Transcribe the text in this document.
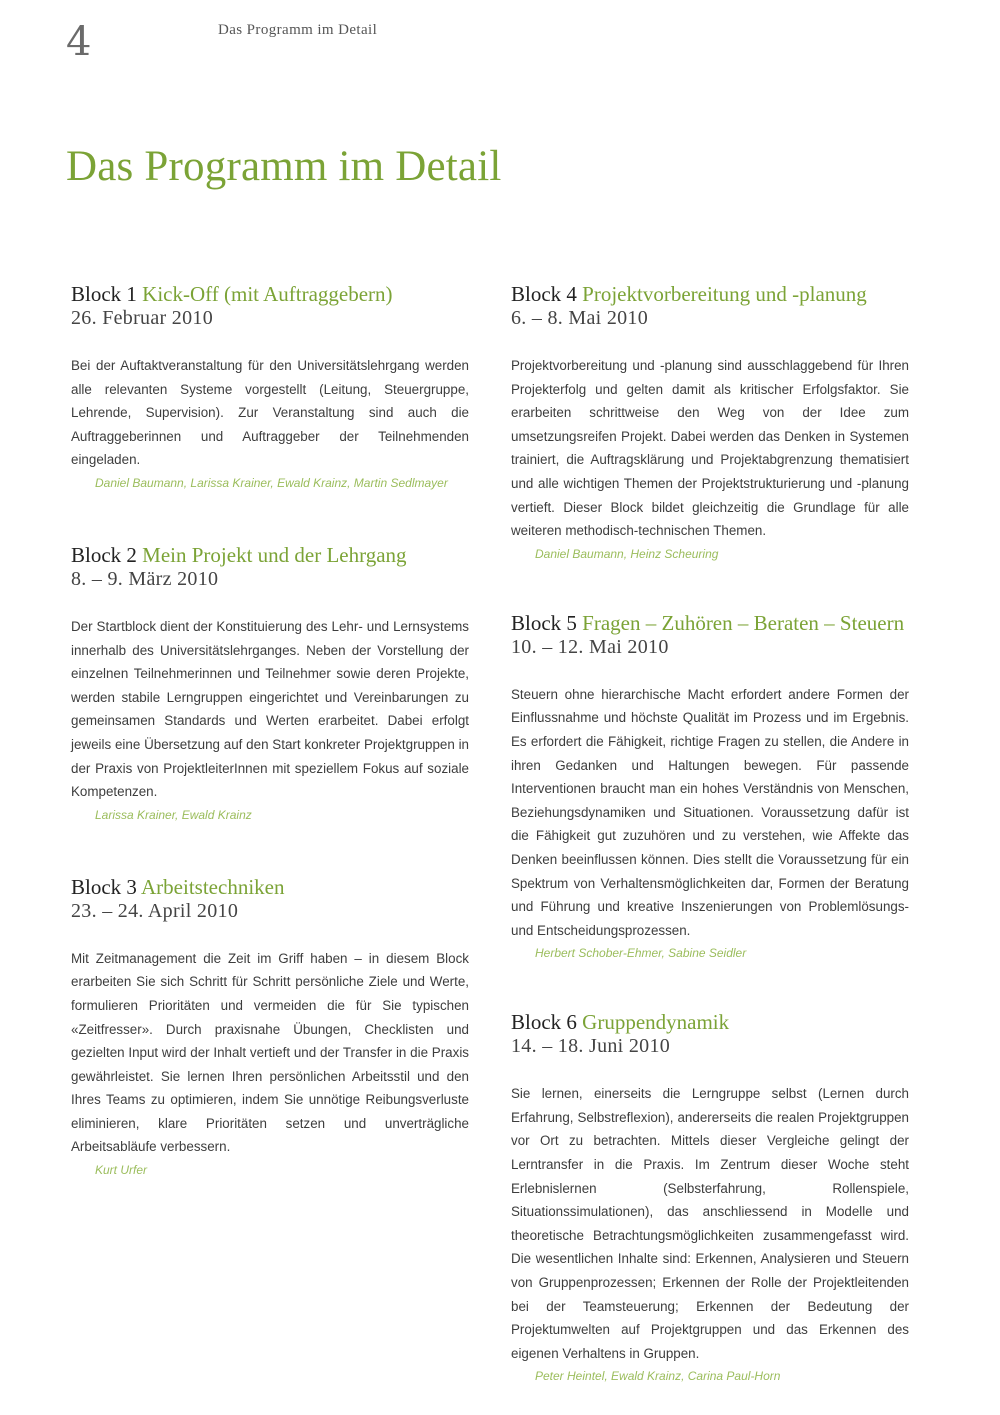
4	Das Programm im Detail
Das Programm im Detail
Block 1 Kick-Off (mit Auftraggebern)
26. Februar 2010

Bei der Auftaktveranstaltung für den Universitätslehrgang werden alle relevanten Systeme vorgestellt (Leitung, Steuergruppe, Lehrende, Supervision). Zur Veranstaltung sind auch die Auftraggeberinnen und Auftraggeber der Teilnehmenden eingeladen.

Daniel Baumann, Larissa Krainer, Ewald Krainz, Martin Sedlmayer
Block 2 Mein Projekt und der Lehrgang
8. – 9. März 2010

Der Startblock dient der Konstituierung des Lehr- und Lernsystems innerhalb des Universitätslehrganges. Neben der Vorstellung der einzelnen Teilnehmerinnen und Teilnehmer sowie deren Projekte, werden stabile Lerngruppen eingerichtet und Vereinbarungen zu gemeinsamen Standards und Werten erarbeitet. Dabei erfolgt jeweils eine Übersetzung auf den Start konkreter Projektgruppen in der Praxis von ProjektleiterInnen mit speziellem Fokus auf soziale Kompetenzen.

Larissa Krainer, Ewald Krainz
Block 3 Arbeitstechniken
23. – 24. April 2010

Mit Zeitmanagement die Zeit im Griff haben – in diesem Block erarbeiten Sie sich Schritt für Schritt persönliche Ziele und Werte, formulieren Prioritäten und vermeiden die für Sie typischen «Zeitfresser». Durch praxisnahe Übungen, Checklisten und gezielten Input wird der Inhalt vertieft und der Transfer in die Praxis gewährleistet. Sie lernen Ihren persönlichen Arbeitsstil und den Ihres Teams zu optimieren, indem Sie unnötige Reibungsverluste eliminieren, klare Prioritäten setzen und unverträgliche Arbeitsabläufe verbessern.

Kurt Urfer
Block 4 Projektvorbereitung und -planung
6. – 8. Mai 2010

Projektvorbereitung und -planung sind ausschlaggebend für Ihren Projekterfolg und gelten damit als kritischer Erfolgsfaktor. Sie erarbeiten schrittweise den Weg von der Idee zum umsetzungsreifen Projekt. Dabei werden das Denken in Systemen trainiert, die Auftragsklärung und Projektabgrenzung thematisiert und alle wichtigen Themen der Projektstrukturierung und -planung vertieft. Dieser Block bildet gleichzeitig die Grundlage für alle weiteren methodisch-technischen Themen.

Daniel Baumann, Heinz Scheuring
Block 5 Fragen – Zuhören – Beraten – Steuern
10. – 12. Mai 2010

Steuern ohne hierarchische Macht erfordert andere Formen der Einflussnahme und höchste Qualität im Prozess und im Ergebnis. Es erfordert die Fähigkeit, richtige Fragen zu stellen, die Andere in ihren Gedanken und Haltungen bewegen. Für passende Interventionen braucht man ein hohes Verständnis von Menschen, Beziehungsdynamiken und Situationen. Voraussetzung dafür ist die Fähigkeit gut zuzuhören und zu verstehen, wie Affekte das Denken beeinflussen können. Dies stellt die Voraussetzung für ein Spektrum von Verhaltensmöglichkeiten dar, Formen der Beratung und Führung und kreative Inszenierungen von Problemlösungs- und Entscheidungsprozessen.

Herbert Schober-Ehmer, Sabine Seidler
Block 6 Gruppendynamik
14. – 18. Juni 2010

Sie lernen, einerseits die Lerngruppe selbst (Lernen durch Erfahrung, Selbstreflexion), andererseits die realen Projektgruppen vor Ort zu betrachten. Mittels dieser Vergleiche gelingt der Lerntransfer in die Praxis. Im Zentrum dieser Woche steht Erlebnislernen (Selbsterfahrung, Rollenspiele, Situationssimulationen), das anschliessend in Modelle und theoretische Betrachtungsmöglichkeiten zusammengefasst wird. Die wesentlichen Inhalte sind: Erkennen, Analysieren und Steuern von Gruppenprozessen; Erkennen der Rolle der Projektleitenden bei der Teamsteuerung; Erkennen der Bedeutung der Projektumwelten auf Projektgruppen und das Erkennen des eigenen Verhaltens in Gruppen.

Peter Heintel, Ewald Krainz, Carina Paul-Horn
